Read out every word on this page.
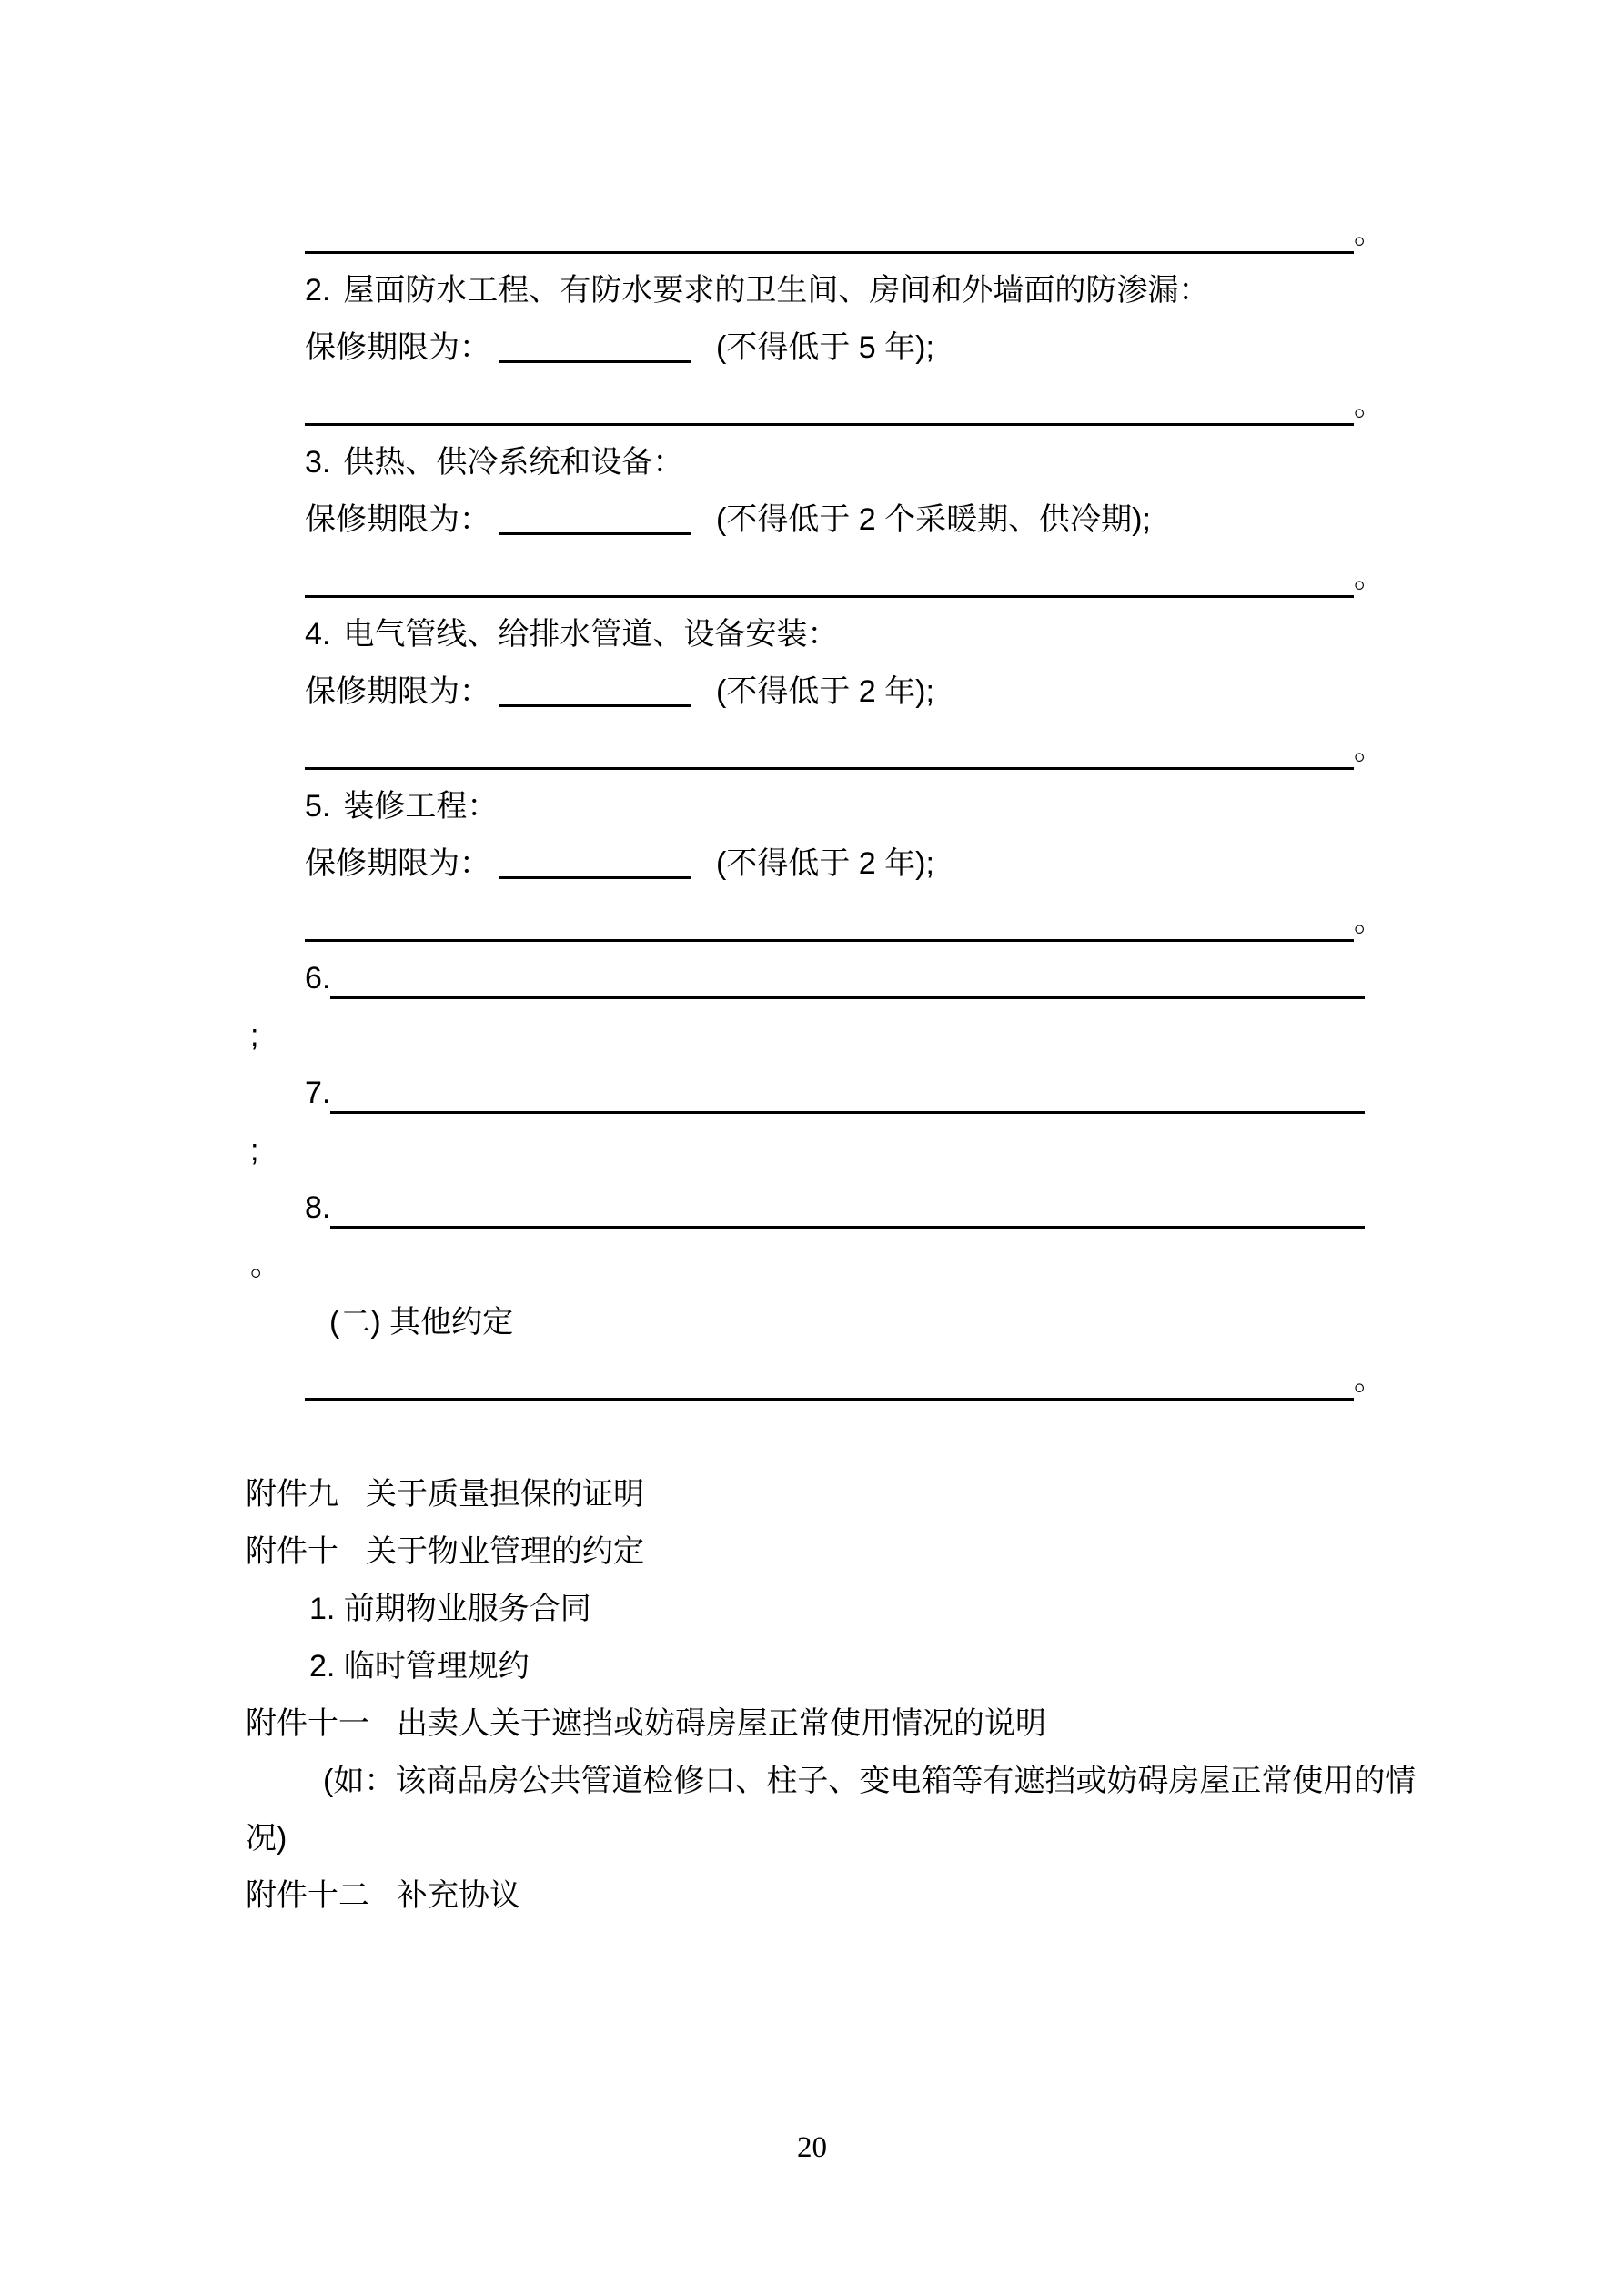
。
2. 屋面防水工程、有防水要求的卫生间、房间和外墙面的防渗漏：
保修期限为：	(不得低于 5 年);
。
3. 供热、供冷系统和设备：
保修期限为：	(不得低于 2 个采暖期、供冷期);
。
4. 电气管线、给排水管道、设备安装：
保修期限为：	(不得低于 2 年);
。
5. 装修工程：
保修期限为：	(不得低于 2 年);
。
6.
;
7.
;
8.
。
(二) 其他约定
。
附件九 关于质量担保的证明
附件十 关于物业管理的约定
1. 前期物业服务合同
2. 临时管理规约
附件十一 出卖人关于遮挡或妨碍房屋正常使用情况的说明
(如：该商品房公共管道检修口、柱子、变电箱等有遮挡或妨碍房屋正常使用的情
况)
附件十二 补充协议
20
